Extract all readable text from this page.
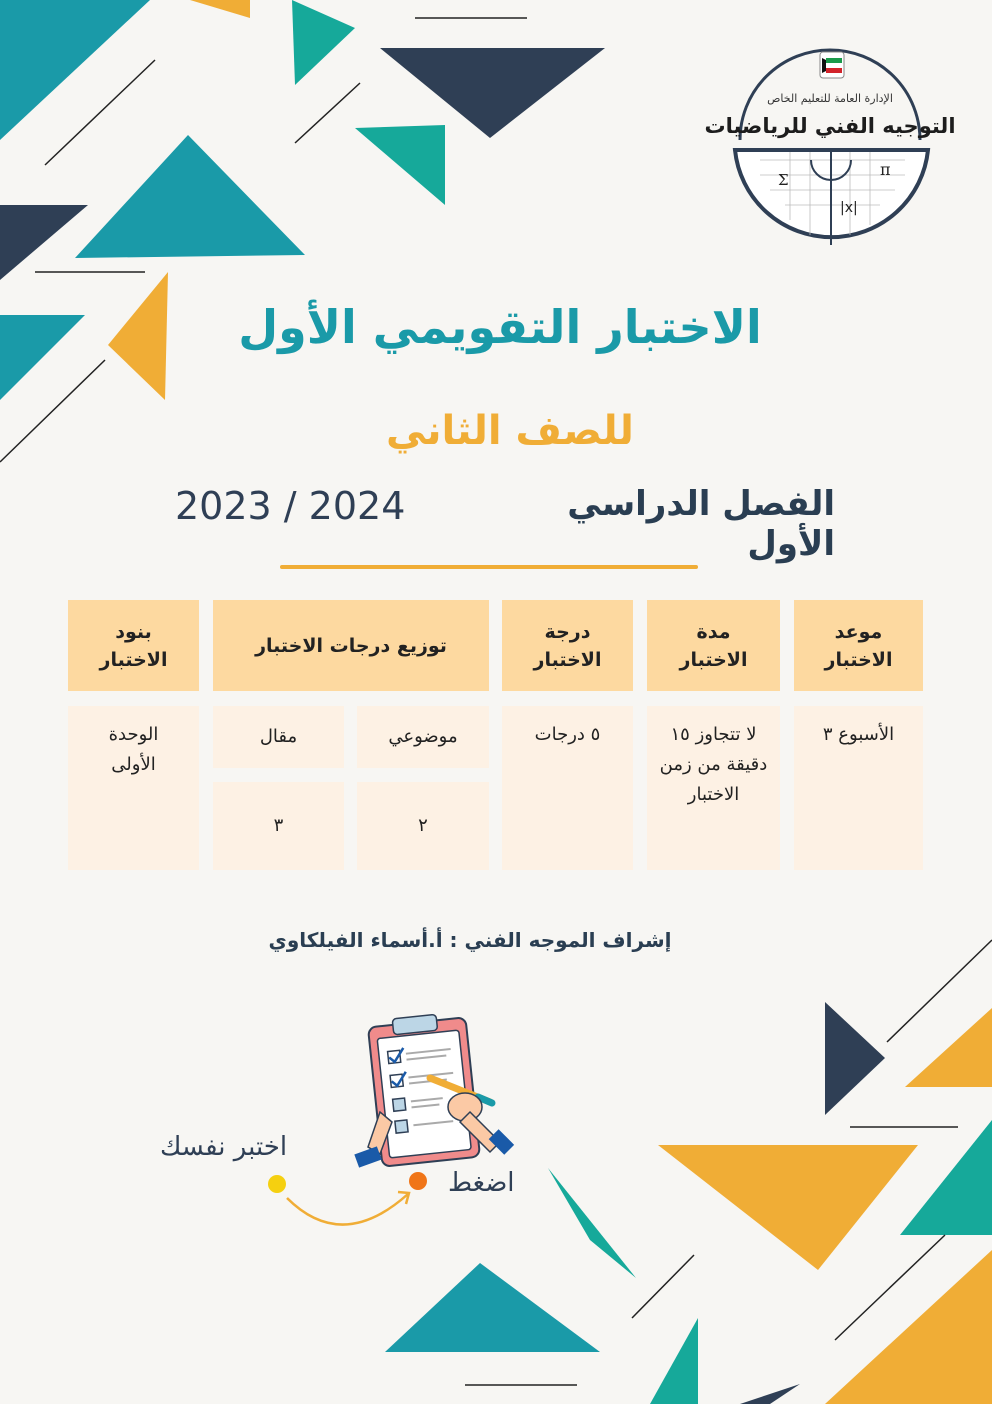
π
Σ
|x|
الإدارة العامة للتعليم الخاص
التوجيه الفني للرياضيات
الاختبار التقويمي الأول
للصف الثاني
الفصل الدراسي الأول
2023 / 2024
موعد الاختبار
مدة الاختبار
درجة الاختبار
توزيع درجات الاختبار
بنود الاختبار
الأسبوع ٣
لا تتجاوز ١٥ دقيقة من زمن الاختبار
٥ درجات
موضوعي
مقال
٢
٣
الوحدة الأولى
إشراف الموجه الفني : أ.أسماء الفيلكاوي
اختبر نفسك
اضغط
